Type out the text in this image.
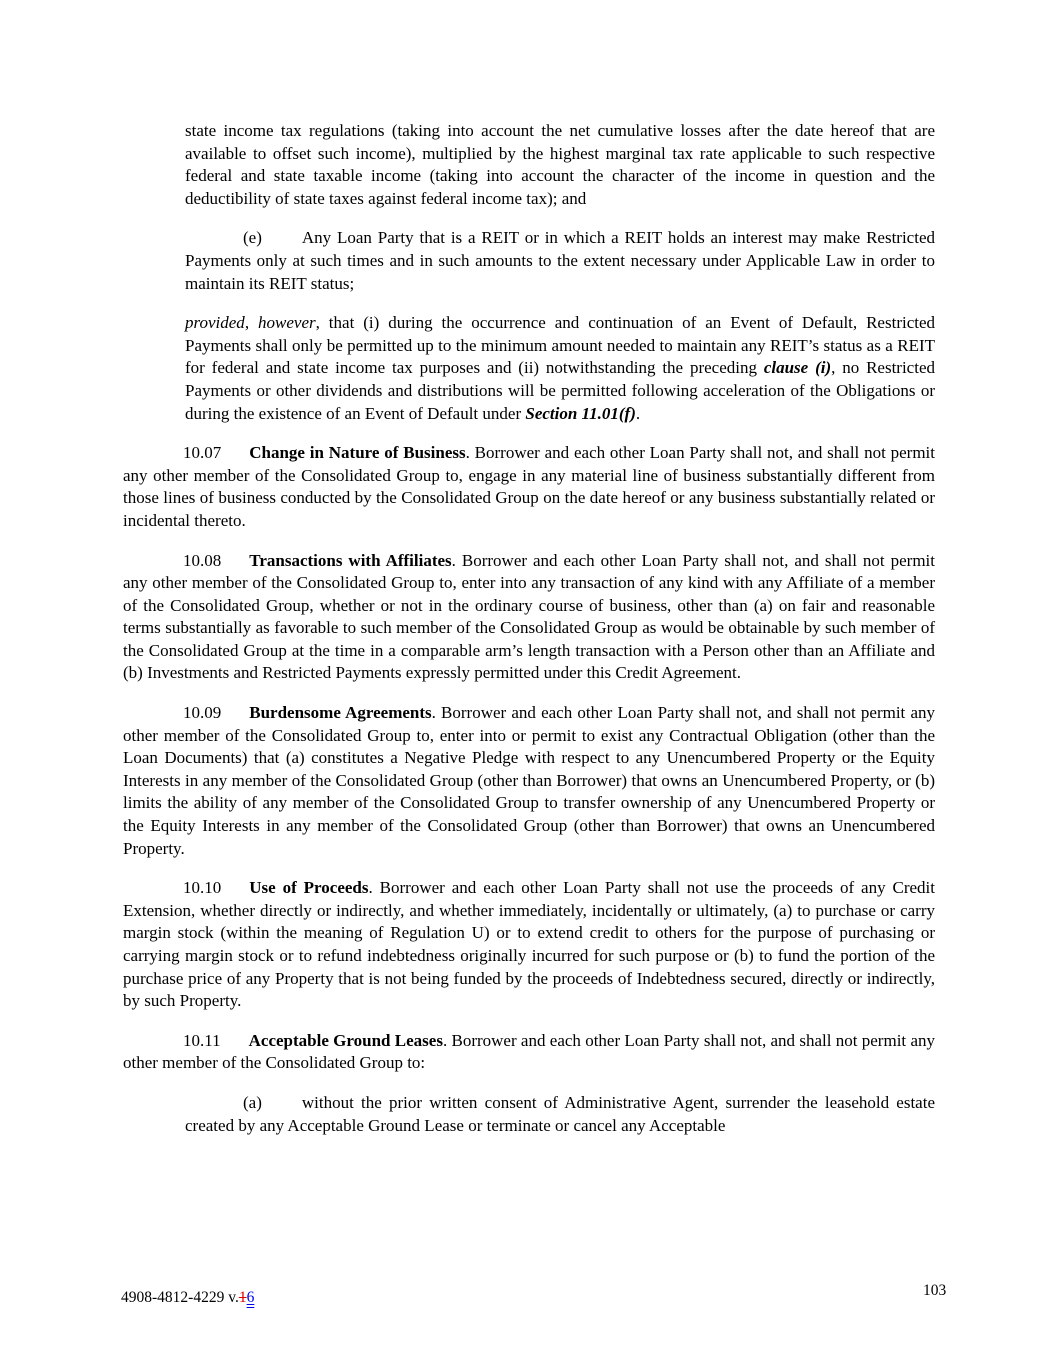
state income tax regulations (taking into account the net cumulative losses after the date hereof that are available to offset such income), multiplied by the highest marginal tax rate applicable to such respective federal and state taxable income (taking into account the character of the income in question and the deductibility of state taxes against federal income tax); and

(e) Any Loan Party that is a REIT or in which a REIT holds an interest may make Restricted Payments only at such times and in such amounts to the extent necessary under Applicable Law in order to maintain its REIT status;

provided, however, that (i) during the occurrence and continuation of an Event of Default, Restricted Payments shall only be permitted up to the minimum amount needed to maintain any REIT’s status as a REIT for federal and state income tax purposes and (ii) notwithstanding the preceding clause (i), no Restricted Payments or other dividends and distributions will be permitted following acceleration of the Obligations or during the existence of an Event of Default under Section 11.01(f).

10.07 Change in Nature of Business. Borrower and each other Loan Party shall not, and shall not permit any other member of the Consolidated Group to, engage in any material line of business substantially different from those lines of business conducted by the Consolidated Group on the date hereof or any business substantially related or incidental thereto.

10.08 Transactions with Affiliates. Borrower and each other Loan Party shall not, and shall not permit any other member of the Consolidated Group to, enter into any transaction of any kind with any Affiliate of a member of the Consolidated Group, whether or not in the ordinary course of business, other than (a) on fair and reasonable terms substantially as favorable to such member of the Consolidated Group as would be obtainable by such member of the Consolidated Group at the time in a comparable arm’s length transaction with a Person other than an Affiliate and (b) Investments and Restricted Payments expressly permitted under this Credit Agreement.

10.09 Burdensome Agreements. Borrower and each other Loan Party shall not, and shall not permit any other member of the Consolidated Group to, enter into or permit to exist any Contractual Obligation (other than the Loan Documents) that (a) constitutes a Negative Pledge with respect to any Unencumbered Property or the Equity Interests in any member of the Consolidated Group (other than Borrower) that owns an Unencumbered Property, or (b) limits the ability of any member of the Consolidated Group to transfer ownership of any Unencumbered Property or the Equity Interests in any member of the Consolidated Group (other than Borrower) that owns an Unencumbered Property.

10.10 Use of Proceeds. Borrower and each other Loan Party shall not use the proceeds of any Credit Extension, whether directly or indirectly, and whether immediately, incidentally or ultimately, (a) to purchase or carry margin stock (within the meaning of Regulation U) or to extend credit to others for the purpose of purchasing or carrying margin stock or to refund indebtedness originally incurred for such purpose or (b) to fund the portion of the purchase price of any Property that is not being funded by the proceeds of Indebtedness secured, directly or indirectly, by such Property.

10.11 Acceptable Ground Leases. Borrower and each other Loan Party shall not, and shall not permit any other member of the Consolidated Group to:

(a) without the prior written consent of Administrative Agent, surrender the leasehold estate created by any Acceptable Ground Lease or terminate or cancel any Acceptable

4908-4812-4229 v.16	103
